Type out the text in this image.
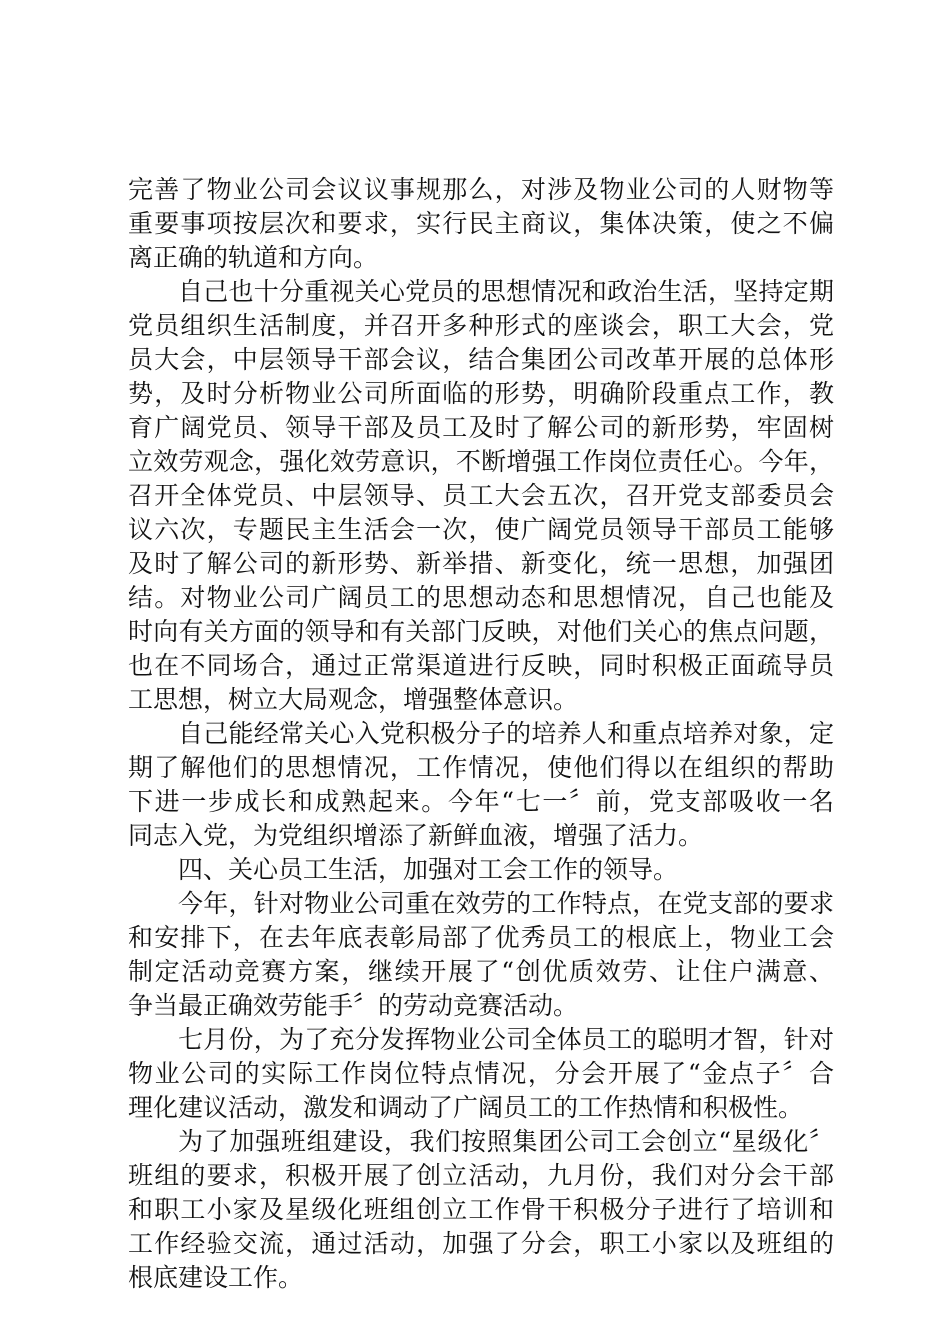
完善了物业公司会议议事规那么，对涉及物业公司的人财物等
重要事项按层次和要求，实行民主商议，集体决策，使之不偏
离正确的轨道和方向。
自己也十分重视关心党员的思想情况和政治生活，坚持定期
党员组织生活制度，并召开多种形式的座谈会，职工大会，党
员大会，中层领导干部会议，结合集团公司改革开展的总体形
势，及时分析物业公司所面临的形势，明确阶段重点工作，教
育广阔党员、领导干部及员工及时了解公司的新形势，牢固树
立效劳观念，强化效劳意识，不断增强工作岗位责任心。今年，
召开全体党员、中层领导、员工大会五次，召开党支部委员会
议六次，专题民主生活会一次，使广阔党员领导干部员工能够
及时了解公司的新形势、新举措、新变化，统一思想，加强团
结。对物业公司广阔员工的思想动态和思想情况，自己也能及
时向有关方面的领导和有关部门反映，对他们关心的焦点问题，
也在不同场合，通过正常渠道进行反映，同时积极正面疏导员
工思想，树立大局观念，增强整体意识。
自己能经常关心入党积极分子的培养人和重点培养对象，定
期了解他们的思想情况，工作情况，使他们得以在组织的帮助
下进一步成长和成熟起来。今年“七一〞前，党支部吸收一名
同志入党，为党组织增添了新鲜血液，增强了活力。
四、关心员工生活，加强对工会工作的领导。
今年，针对物业公司重在效劳的工作特点，在党支部的要求
和安排下，在去年底表彰局部了优秀员工的根底上，物业工会
制定活动竞赛方案，继续开展了“创优质效劳、让住户满意、
争当最正确效劳能手〞的劳动竞赛活动。
七月份，为了充分发挥物业公司全体员工的聪明才智，针对
物业公司的实际工作岗位特点情况，分会开展了“金点子〞合
理化建议活动，激发和调动了广阔员工的工作热情和积极性。
为了加强班组建设，我们按照集团公司工会创立“星级化〞
班组的要求，积极开展了创立活动，九月份，我们对分会干部
和职工小家及星级化班组创立工作骨干积极分子进行了培训和
工作经验交流，通过活动，加强了分会，职工小家以及班组的
根底建设工作。
